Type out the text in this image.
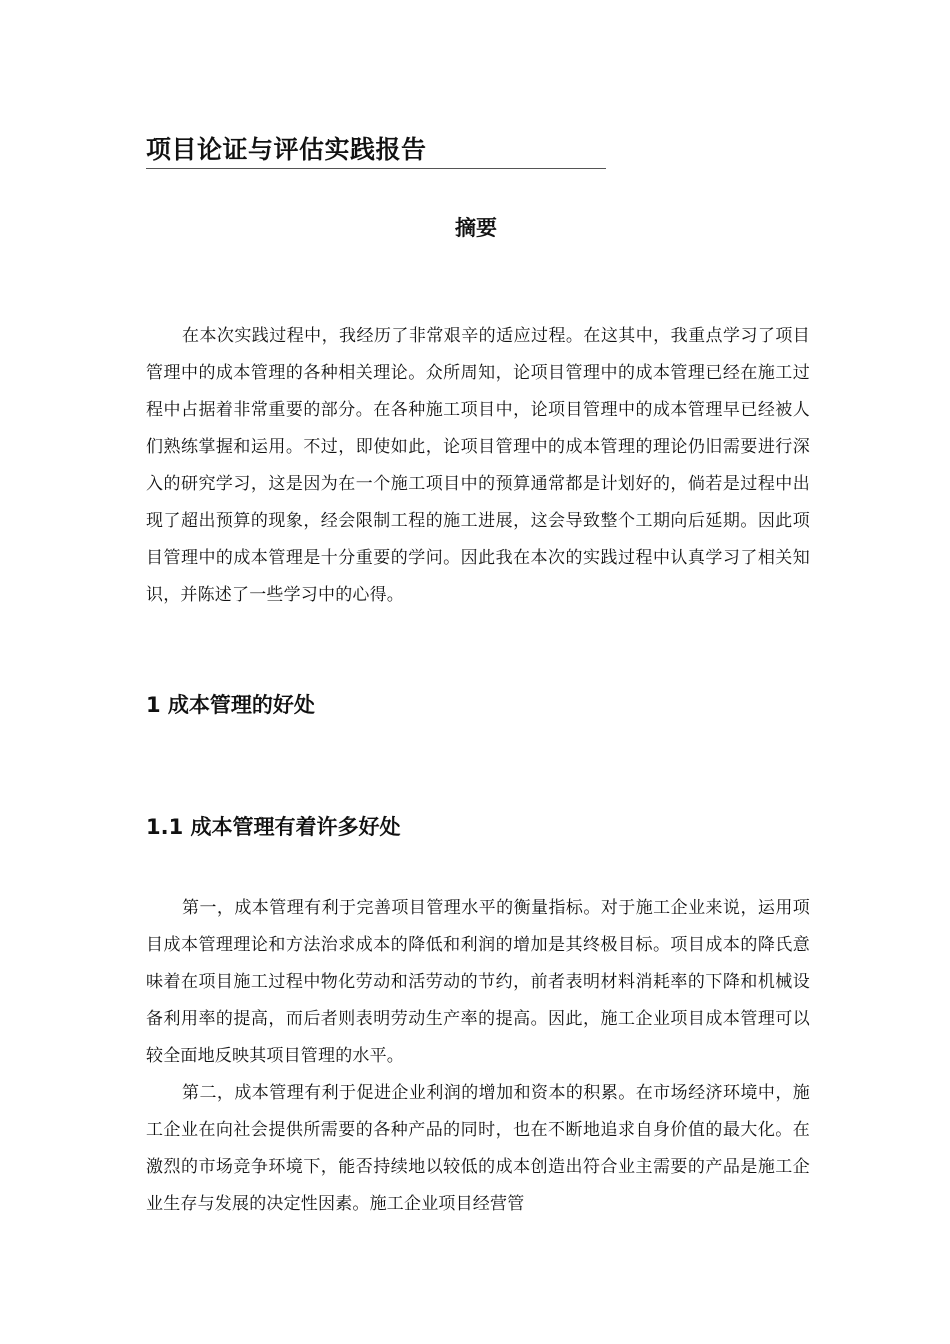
项目论证与评估实践报告
摘要

在本次实践过程中，我经历了非常艰辛的适应过程。在这其中，我重点学习了项目管理中的成本管理的各种相关理论。众所周知，论项目管理中的成本管理已经在施工过程中占据着非常重要的部分。在各种施工项目中，论项目管理中的成本管理早已经被人们熟练掌握和运用。不过，即使如此，论项目管理中的成本管理的理论仍旧需要进行深入的研究学习，这是因为在一个施工项目中的预算通常都是计划好的，倘若是过程中出现了超出预算的现象，经会限制工程的施工进展，这会导致整个工期向后延期。因此项目管理中的成本管理是十分重要的学问。因此我在本次的实践过程中认真学习了相关知识，并陈述了一些学习中的心得。

1 成本管理的好处
1.1 成本管理有着许多好处

第一，成本管理有利于完善项目管理水平的衡量指标。对于施工企业来说，运用项目成本管理理论和方法治求成本的降低和利润的增加是其终极目标。项目成本的降氏意味着在项目施工过程中物化劳动和活劳动的节约，前者表明材料消耗率的下降和机械设备利用率的提高，而后者则表明劳动生产率的提高。因此，施工企业项目成本管理可以较全面地反映其项目管理的水平。

第二，成本管理有利于促进企业利润的增加和资本的积累。在市场经济环境中，施工企业在向社会提供所需要的各种产品的同时，也在不断地追求自身价值的最大化。在激烈的市场竞争环境下，能否持续地以较低的成本创造出符合业主需要的产品是施工企业生存与发展的决定性因素。施工企业项目经营管
